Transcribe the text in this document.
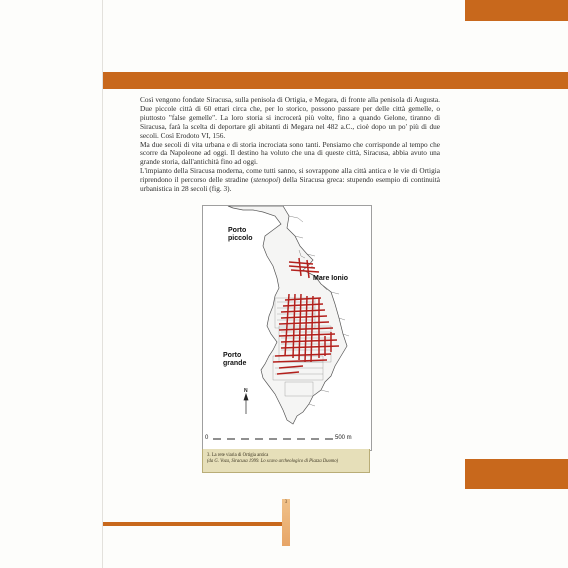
3

Così vengono fondate Siracusa, sulla penisola di Ortigia, e Megara, di fronte alla penisola di Augusta. Due piccole città di 60 ettari circa che, per lo storico, possono passare per delle città gemelle, o piuttosto "false gemelle". La loro storia si incrocerà più volte, fino a quando Gelone, tiranno di Siracusa, farà la scelta di deportare gli abitanti di Megara nel 482 a.C., cioè dopo un po' più di due secoli. Così Erodoto VI, 156.

Ma due secoli di vita urbana e di storia incrociata sono tanti. Pensiamo che corrisponde al tempo che scorre da Napoleone ad oggi. Il destino ha voluto che una di queste città, Siracusa, abbia avuto una grande storia, dall'antichità fino ad oggi.

L'impianto della Siracusa moderna, come tutti sanno, si sovrappone alla città antica e le vie di Ortigia riprendono il percorso delle stradine (stenopoi) della Siracusa greca: stupendo esempio di continuità urbanistica in 28 secoli (fig. 3).

Porto
piccolo
Mare Ionio
Porto
grande
N
0	500 m
3. La rete viaria di Ortigia antica
(da G. Voza, Siracusa 1999. Lo scavo archeologico di Piazza Duomo)
